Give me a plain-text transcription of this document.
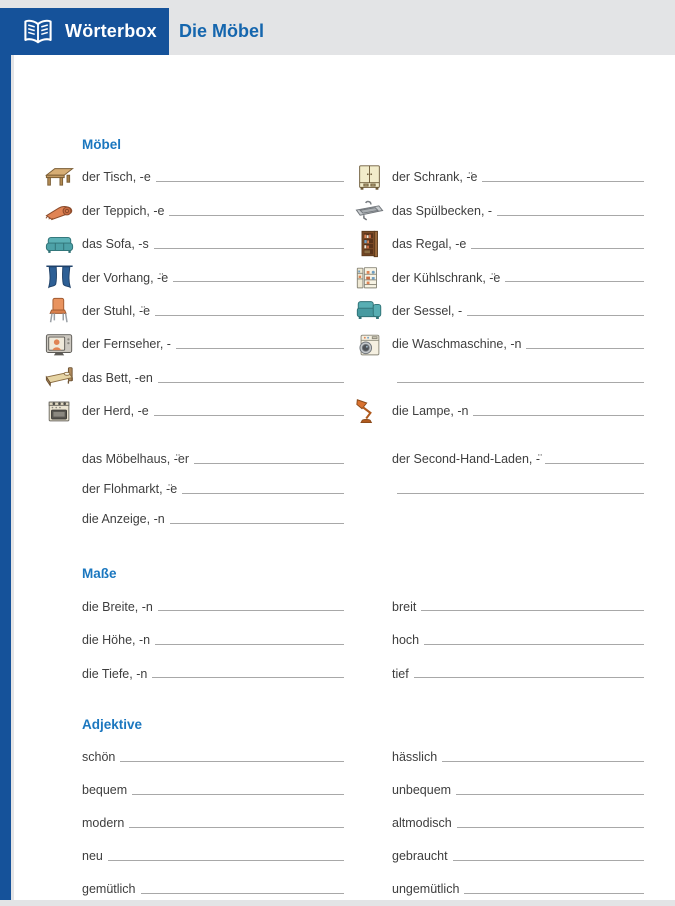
Wörterbox Die Möbel
Möbel
der Tisch, -e	der Schrank, -̈e
der Teppich, -e	das Spülbecken, -
das Sofa, -s	das Regal, -e
der Vorhang, -̈e	der Kühlschrank, -̈e
der Stuhl, -̈e	der Sessel, -
der Fernseher, -	die Waschmaschine, -n
das Bett, -en
der Herd, -e	die Lampe, -n
das Möbelhaus, -̈er	der Second-Hand-Laden, -̈
der Flohmarkt, -̈e
die Anzeige, -n
Maße
die Breite, -n	breit
die Höhe, -n	hoch
die Tiefe, -n	tief
Adjektive
schön	hässlich
bequem	unbequem
modern	altmodisch
neu	gebraucht
gemütlich	ungemütlich
